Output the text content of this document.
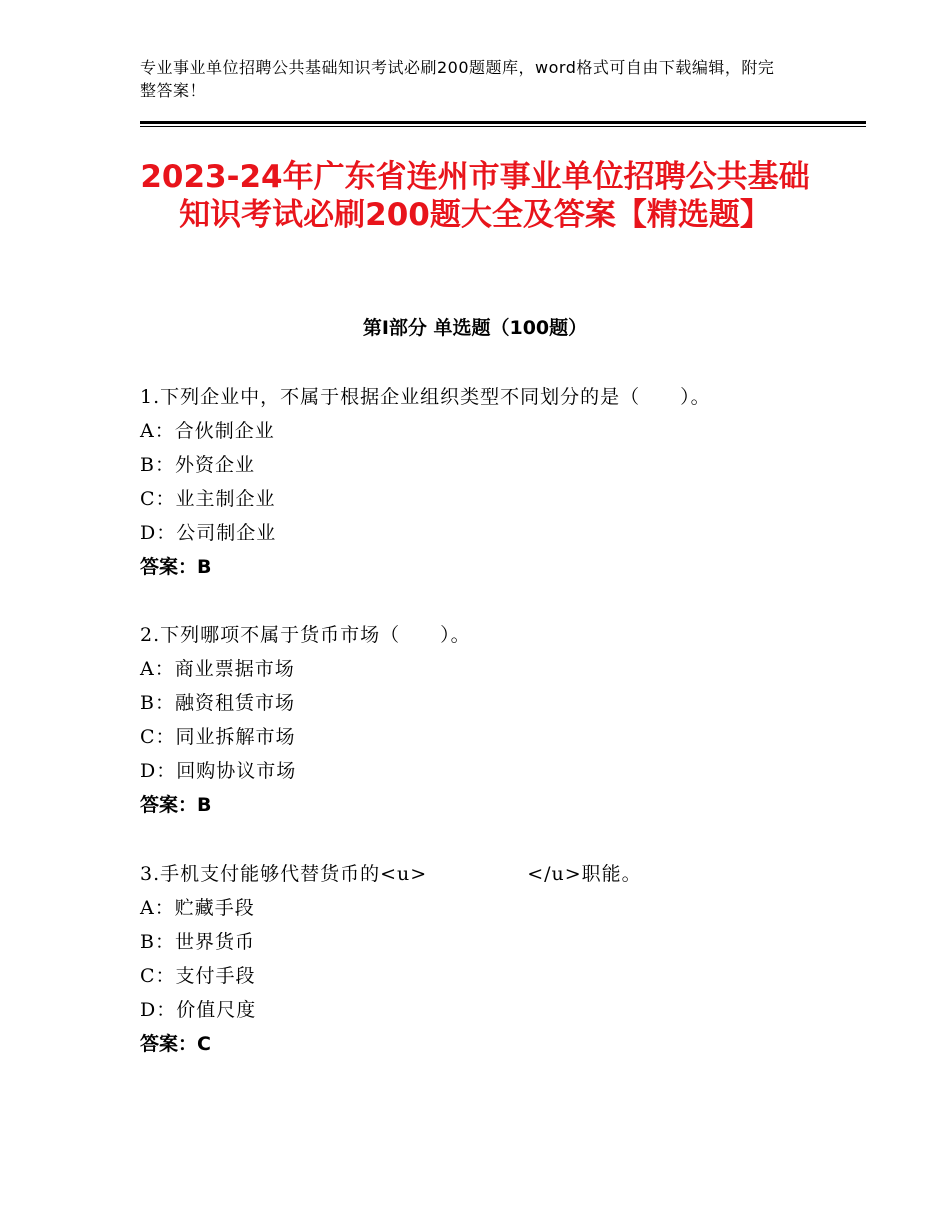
专业事业单位招聘公共基础知识考试必刷200题题库，word格式可自由下载编辑，附完整答案！
2023-24年广东省连州市事业单位招聘公共基础知识考试必刷200题大全及答案【精选题】
第Ⅰ部分 单选题（100题）
1.下列企业中，不属于根据企业组织类型不同划分的是（　　）。
A：合伙制企业
B：外资企业
C：业主制企业
D：公司制企业
答案：B
2.下列哪项不属于货币市场（　　）。
A：商业票据市场
B：融资租赁市场
C：同业拆解市场
D：回购协议市场
答案：B
3.手机支付能够代替货币的<u>　　　　　</u>职能。
A：贮藏手段
B：世界货币
C：支付手段
D：价值尺度
答案：C
